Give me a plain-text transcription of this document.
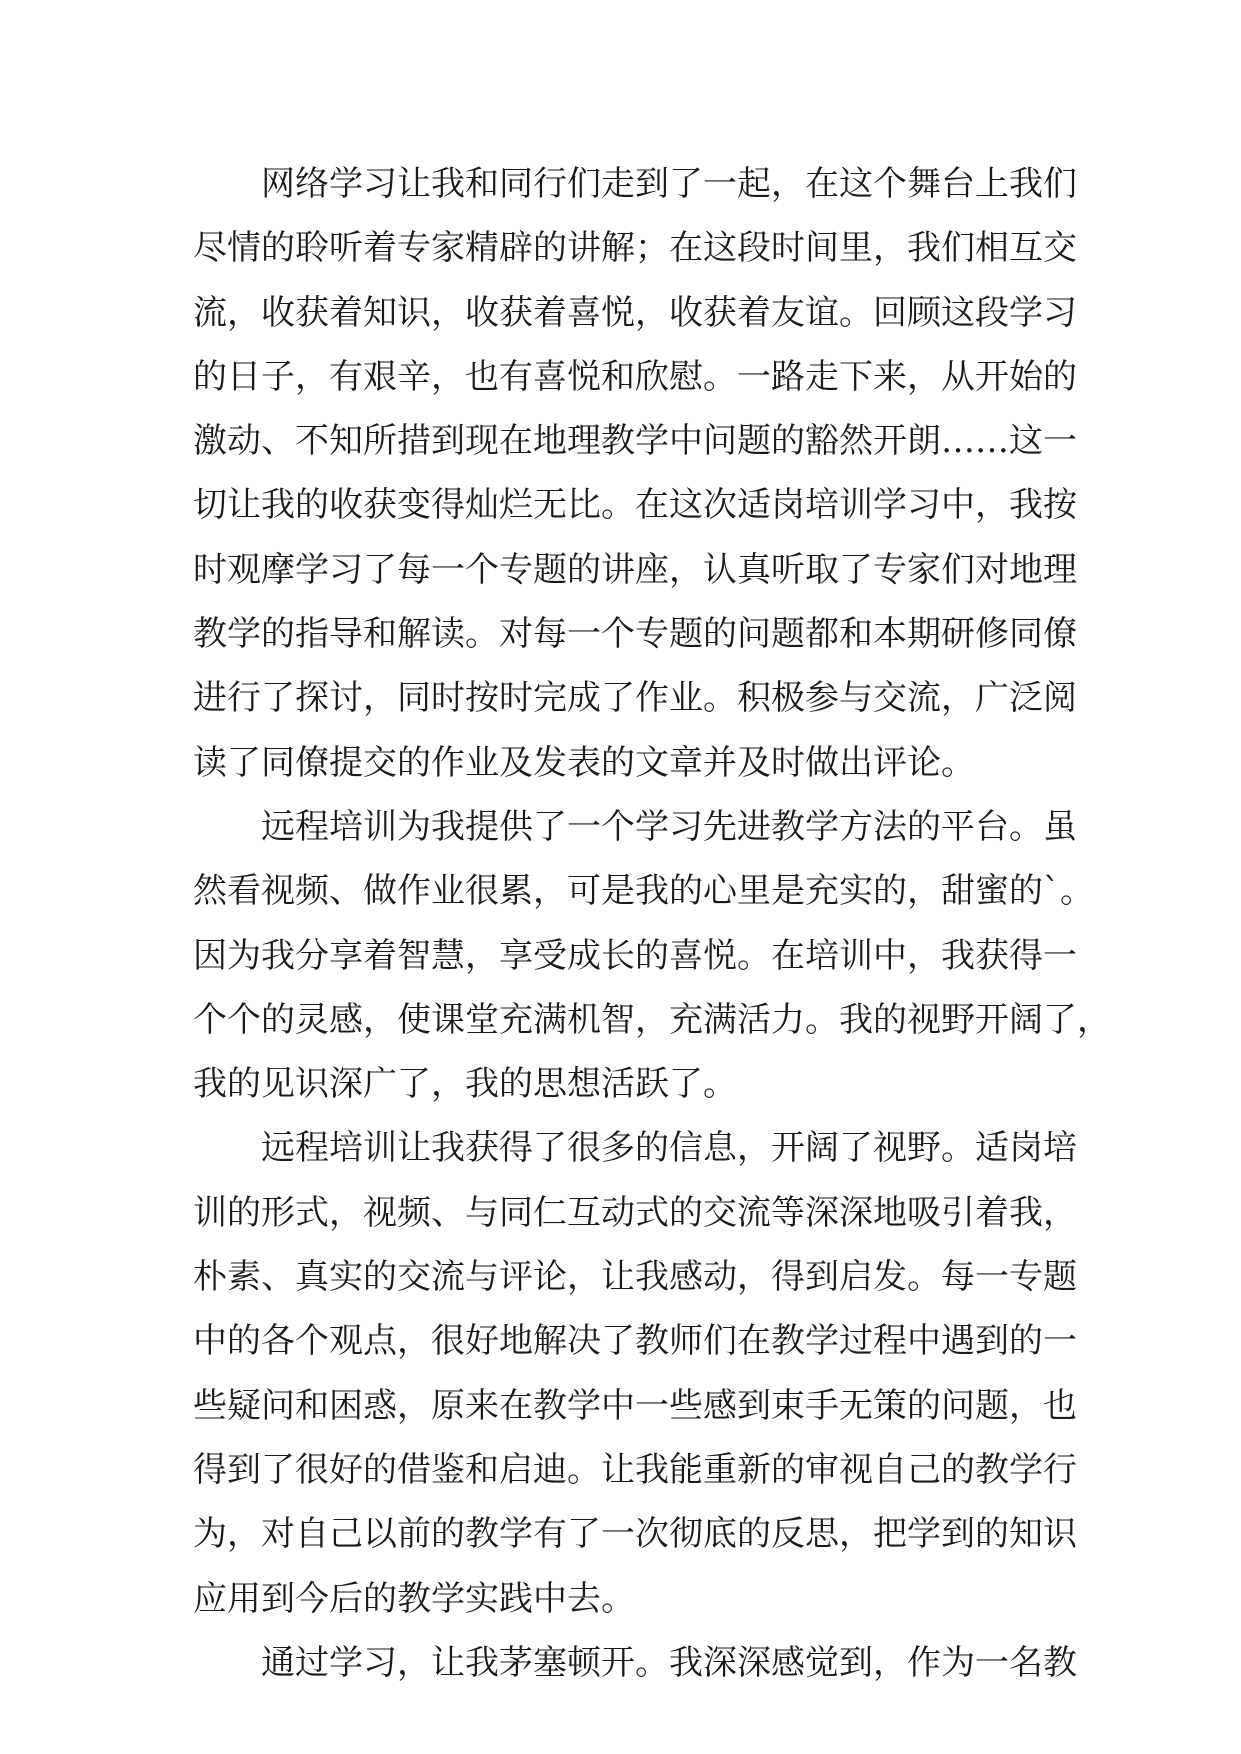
网络学习让我和同行们走到了一起，在这个舞台上我们
尽情的聆听着专家精辟的讲解；在这段时间里，我们相互交
流，收获着知识，收获着喜悦，收获着友谊。回顾这段学习
的日子，有艰辛，也有喜悦和欣慰。一路走下来，从开始的
激动、不知所措到现在地理教学中问题的豁然开朗……这一
切让我的收获变得灿烂无比。在这次适岗培训学习中，我按
时观摩学习了每一个专题的讲座，认真听取了专家们对地理
教学的指导和解读。对每一个专题的问题都和本期研修同僚
进行了探讨，同时按时完成了作业。积极参与交流，广泛阅
读了同僚提交的作业及发表的文章并及时做出评论。
远程培训为我提供了一个学习先进教学方法的平台。虽
然看视频、做作业很累，可是我的心里是充实的，甜蜜的`。
因为我分享着智慧，享受成长的喜悦。在培训中，我获得一
个个的灵感，使课堂充满机智，充满活力。我的视野开阔了，
我的见识深广了，我的思想活跃了。
远程培训让我获得了很多的信息，开阔了视野。适岗培
训的形式，视频、与同仁互动式的交流等深深地吸引着我，
朴素、真实的交流与评论，让我感动，得到启发。每一专题
中的各个观点，很好地解决了教师们在教学过程中遇到的一
些疑问和困惑，原来在教学中一些感到束手无策的问题，也
得到了很好的借鉴和启迪。让我能重新的审视自己的教学行
为，对自己以前的教学有了一次彻底的反思，把学到的知识
应用到今后的教学实践中去。
通过学习，让我茅塞顿开。我深深感觉到，作为一名教
